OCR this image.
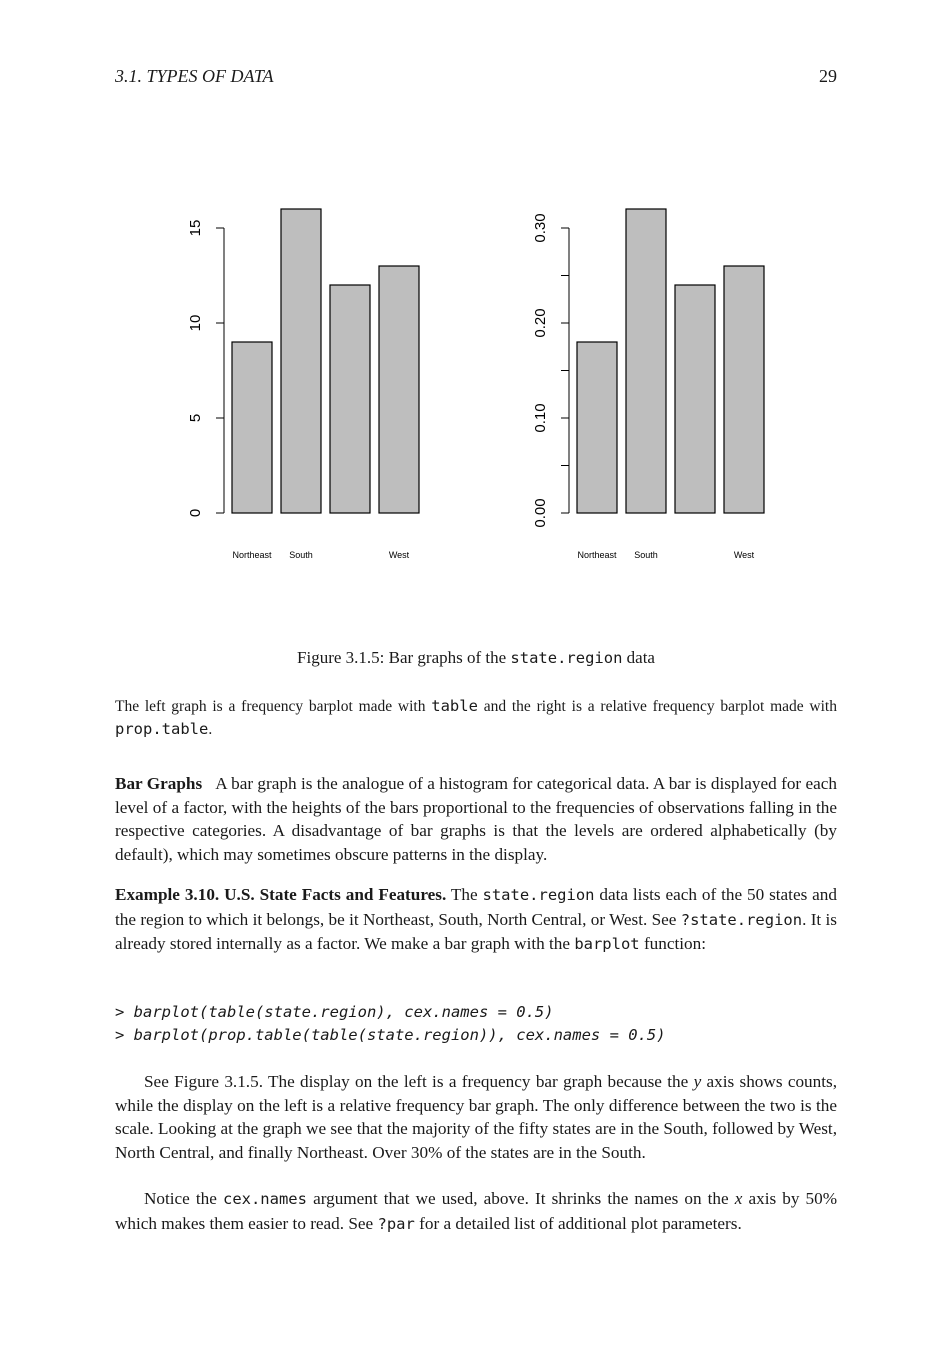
3.1. TYPES OF DATA	29
0
5
10
15
Northeast South	West
0.00
0.10
0.20
0.30
Northeast South	West
Figure 3.1.5: Bar graphs of the state.region data
The left graph is a frequency barplot made with table and the right is a relative frequency barplot made with prop.table.
Bar Graphs A bar graph is the analogue of a histogram for categorical data. A bar is displayed for each level of a factor, with the heights of the bars proportional to the frequencies of observations falling in the respective categories. A disadvantage of bar graphs is that the levels are ordered alphabetically (by default), which may sometimes obscure patterns in the display.
Example 3.10. U.S. State Facts and Features. The state.region data lists each of the 50 states and the region to which it belongs, be it Northeast, South, North Central, or West. See ?state.region. It is already stored internally as a factor. We make a bar graph with the barplot function:
> barplot(table(state.region), cex.names = 0.5)
> barplot(prop.table(table(state.region)), cex.names = 0.5)
See Figure 3.1.5. The display on the left is a frequency bar graph because the y axis shows counts, while the display on the left is a relative frequency bar graph. The only difference between the two is the scale. Looking at the graph we see that the majority of the fifty states are in the South, followed by West, North Central, and finally Northeast. Over 30% of the states are in the South.
Notice the cex.names argument that we used, above. It shrinks the names on the x axis by 50% which makes them easier to read. See ?par for a detailed list of additional plot parameters.
